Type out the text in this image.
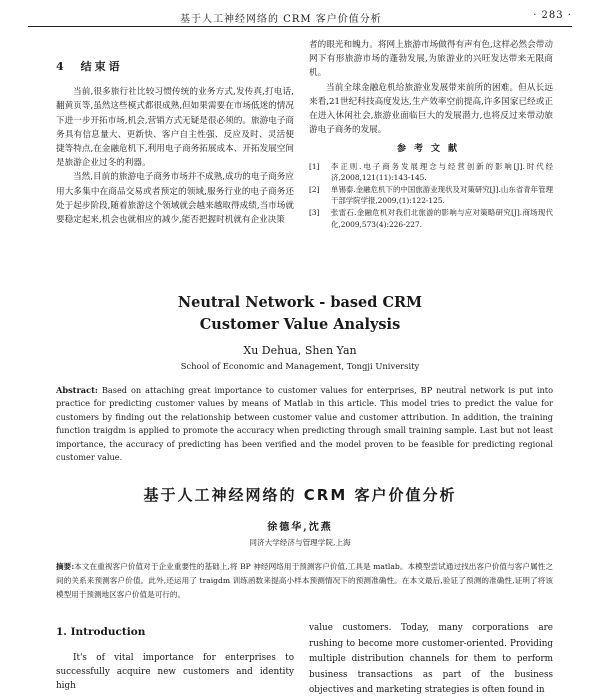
基于人工神经网络的 CRM 客户价值分析	· 283 ·
4　结束语

当前,很多旅行社比较习惯传统的业务方式,发传真,打电话,翻黄页等,虽然这些模式都很成熟,但如果需要在市场低迷的情况下进一步开拓市场,机会,营销方式无疑是很必须的。旅游电子商务具有信息量大、更新快、客户自主性强、反应及时、灵活便捷等特点,在金融危机下,利用电子商务拓展成本、开拓发展空间是旅游企业过冬的利器。

当然,目前的旅游电子商务市场并不成熟,成功的电子商务应用大多集中在商品交易或者预定的领域,服务行业的电子商务还处于起步阶段,随着旅游这个领域就会越来越取得成绩,当市场就要稳定起来,机会也就相应的减少,能否把握时机就有企业决策

者的眼光和魄力。将网上旅游市场做得有声有色,这样必然会带动网下有形旅游市场的蓬勃发展,为旅游业的兴旺发达带来无限商机。

当前全球金融危机给旅游业发展带来前所的困难。但从长远来看,21世纪科技高度发达,生产效率空前提高,许多国家已经或正在进入休闲社会,旅游业面临巨大的发展潜力,也将反过来带动旅游电子商务的发展。

参考文献
[1]	李正则.电子商务发展理念与经营创新的影响[J].时代经济,2008,121(11):143-145.
[2]	单锡泰.金融危机下的中国旅游业现状及对策研究[J].山东省青年管理干部学院学报,2009,(1):122-125.
[3]	张雷石.金融危机对我们北旅游的影响与应对策略研究[J].商场现代化,2009,573(4):226-227.
Neutral Network - based CRM
Customer Value Analysis
Xu Dehua, Shen Yan
School of Economic and Management, Tongji University
Abstract: Based on attaching great importance to customer values for enterprises, BP neutral network is put into practice for predicting customer values by means of Matlab in this article. This model tries to predict the value for customers by finding out the relationship between customer value and customer attribution. In addition, the training function traigdm is applied to promote the accuracy when predicting through small training sample. Last but not least importance, the accuracy of predicting has been verified and the model proven to be feasible for predicting regional customer value.
基于人工神经网络的 CRM 客户价值分析
徐德华,沈燕
同济大学经济与管理学院,上海
摘要:本文在重视客户价值对于企业重要性的基础上,将 BP 神经网络用于预测客户价值,工具是 matlab。本模型尝试通过找出客户价值与客户属性之间的关系来预测客户价值。此外,还运用了 traigdm 训练函数来提高小样本预测情况下的预测准确性。在本文最后,验证了预测的准确性,证明了将该模型用于预测地区客户价值是可行的。
1. Introduction

It's of vital importance for enterprises to successfully acquire new customers and identity high

value customers. Today, many corporations are rushing to become more customer-oriented. Providing multiple distribution channels for them to perform business transactions as part of the business objectives and marketing strategies is often found in
